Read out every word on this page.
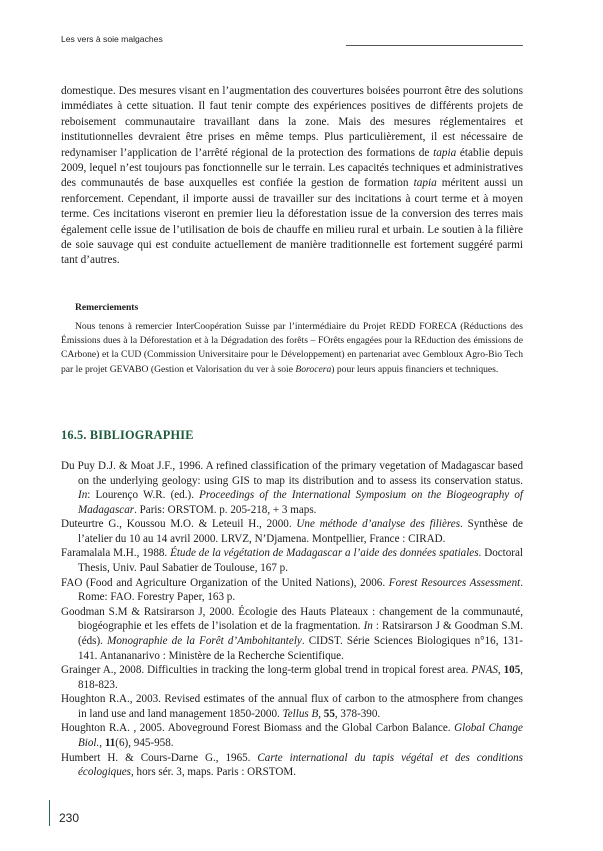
Les vers à soie malgaches
domestique. Des mesures visant en l’augmentation des couvertures boisées pourront être des solutions immédiates à cette situation. Il faut tenir compte des expériences positives de différents projets de reboisement communautaire travaillant dans la zone. Mais des mesures réglementaires et institutionnelles devraient être prises en même temps. Plus particulièrement, il est nécessaire de redynamiser l’application de l’arrêté régional de la protection des formations de tapia établie depuis 2009, lequel n’est toujours pas fonctionnelle sur le terrain. Les capacités techniques et administratives des communautés de base auxquelles est confiée la gestion de formation tapia méritent aussi un renforcement. Cependant, il importe aussi de travailler sur des incitations à court terme et à moyen terme. Ces incitations viseront en premier lieu la déforestation issue de la conversion des terres mais également celle issue de l’utilisation de bois de chauffe en milieu rural et urbain. Le soutien à la filière de soie sauvage qui est conduite actuellement de manière traditionnelle est fortement suggéré parmi tant d’autres.
Remerciements
Nous tenons à remercier InterCoopération Suisse par l’intermédiaire du Projet REDD FORECA (Réductions des Émissions dues à la Déforestation et à la Dégradation des forêts – FOrêts engagées pour la REduction des émissions de CArbone) et la CUD (Commission Universitaire pour le Développement) en partenariat avec Gembloux Agro-Bio Tech par le projet GEVABO (Gestion et Valorisation du ver à soie Borocera) pour leurs appuis financiers et techniques.
16.5. BIBLIOGRAPHIE

Du Puy D.J. & Moat J.F., 1996. A refined classification of the primary vegetation of Madagascar based on the underlying geology: using GIS to map its distribution and to assess its conservation status. In: Lourenço W.R. (ed.). Proceedings of the International Symposium on the Biogeography of Madagascar. Paris: ORSTOM. p. 205-218, + 3 maps.

Duteurtre G., Koussou M.O. & Leteuil H., 2000. Une méthode d’analyse des filières. Synthèse de l’atelier du 10 au 14 avril 2000. LRVZ, N’Djamena. Montpellier, France : CIRAD.

Faramalala M.H., 1988. Étude de la végétation de Madagascar a l’aide des données spatiales. Doctoral Thesis, Univ. Paul Sabatier de Toulouse, 167 p.

FAO (Food and Agriculture Organization of the United Nations), 2006. Forest Resources Assessment. Rome: FAO. Forestry Paper, 163 p.

Goodman S.M & Ratsirarson J, 2000. Écologie des Hauts Plateaux : changement de la communauté, biogéographie et les effets de l’isolation et de la fragmentation. In : Ratsirarson J & Goodman S.M. (éds). Monographie de la Forêt d’Ambohitantely. CIDST. Série Sciences Biologiques n°16, 131-141. Antananarivo : Ministère de la Recherche Scientifique.

Grainger A., 2008. Difficulties in tracking the long-term global trend in tropical forest area. PNAS, 105, 818-823.

Houghton R.A., 2003. Revised estimates of the annual flux of carbon to the atmosphere from changes in land use and land management 1850-2000. Tellus B, 55, 378-390.

Houghton R.A. , 2005. Aboveground Forest Biomass and the Global Carbon Balance. Global Change Biol., 11(6), 945-958.

Humbert H. & Cours-Darne G., 1965. Carte international du tapis végétal et des conditions écologiques, hors sér. 3, maps. Paris : ORSTOM.

230
